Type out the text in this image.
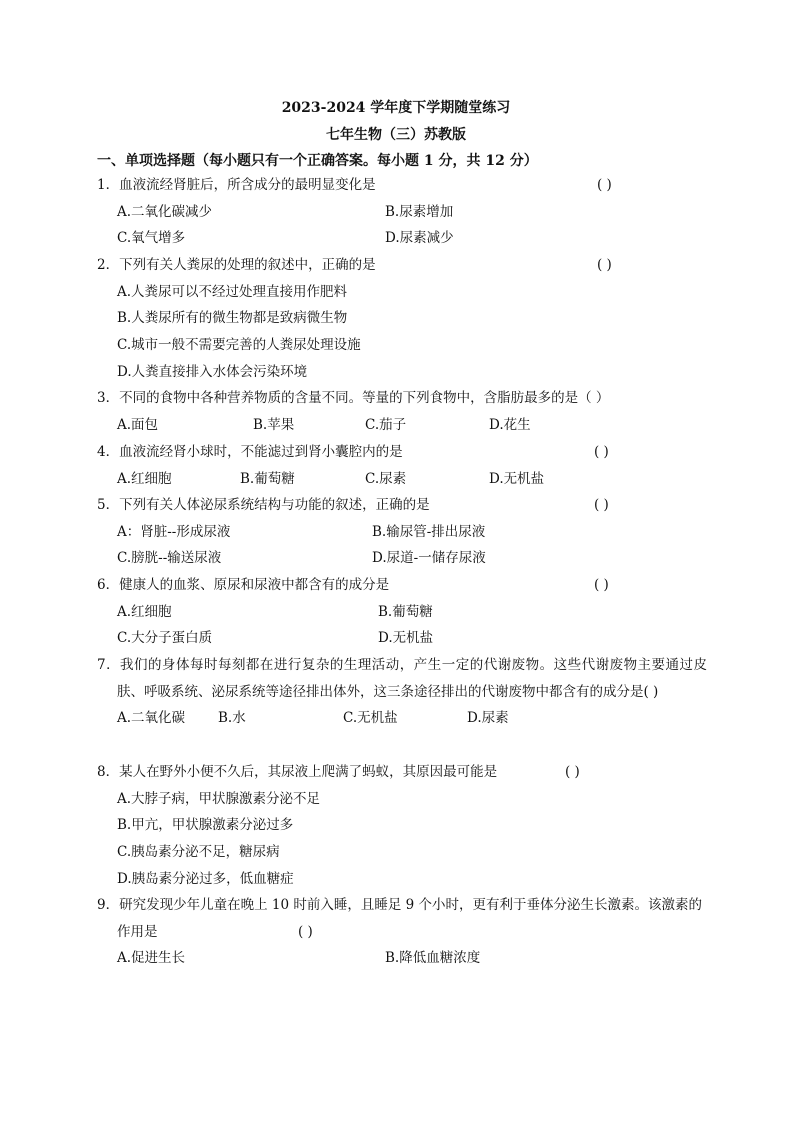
2023-2024 学年度下学期随堂练习
七年生物（三）苏教版
一、单项选择题（每小题只有一个正确答案。每小题 1 分，共 12 分）
1．血液流经肾脏后，所含成分的最明显变化是	( )
A.二氧化碳减少	B.尿素增加
C.氧气增多	D.尿素减少
2．下列有关人粪尿的处理的叙述中，正确的是	( )
A.人粪尿可以不经过处理直接用作肥料
B.人粪尿所有的微生物都是致病微生物
C.城市一般不需要完善的人粪尿处理设施
D.人粪直接排入水体会污染环境
3．不同的食物中各种营养物质的含量不同。等量的下列食物中，含脂肪最多的是（ ）
A.面包	B.苹果	C.茄子	D.花生
4．血液流经肾小球时，不能滤过到肾小囊腔内的是	( )
A.红细胞	B.葡萄糖	C.尿素	D.无机盐
5．下列有关人体泌尿系统结构与功能的叙述，正确的是	( )
A：肾脏--形成尿液	B.输尿管-排出尿液
C.膀胱--输送尿液	D.尿道-一储存尿液
6．健康人的血浆、原尿和尿液中都含有的成分是	( )
A.红细胞	B.葡萄糖
C.大分子蛋白质	D.无机盐
7．我们的身体每时每刻都在进行复杂的生理活动，产生一定的代谢废物。这些代谢废物主要通过皮肤、呼吸系统、泌尿系统等途径排出体外，这三条途径排出的代谢废物中都含有的成分是( )
A.二氧化碳 B.水	C.无机盐	D.尿素
8．某人在野外小便不久后，其尿液上爬满了蚂蚁，其原因最可能是	( )
A.大脖子病，甲状腺激素分泌不足
B.甲亢，甲状腺激素分泌过多
C.胰岛素分泌不足，糖尿病
D.胰岛素分泌过多，低血糖症
9．研究发现少年儿童在晚上 10 时前入睡，且睡足 9 个小时，更有利于垂体分泌生长激素。该激素的
作用是	( )
A.促进生长	B.降低血糖浓度
